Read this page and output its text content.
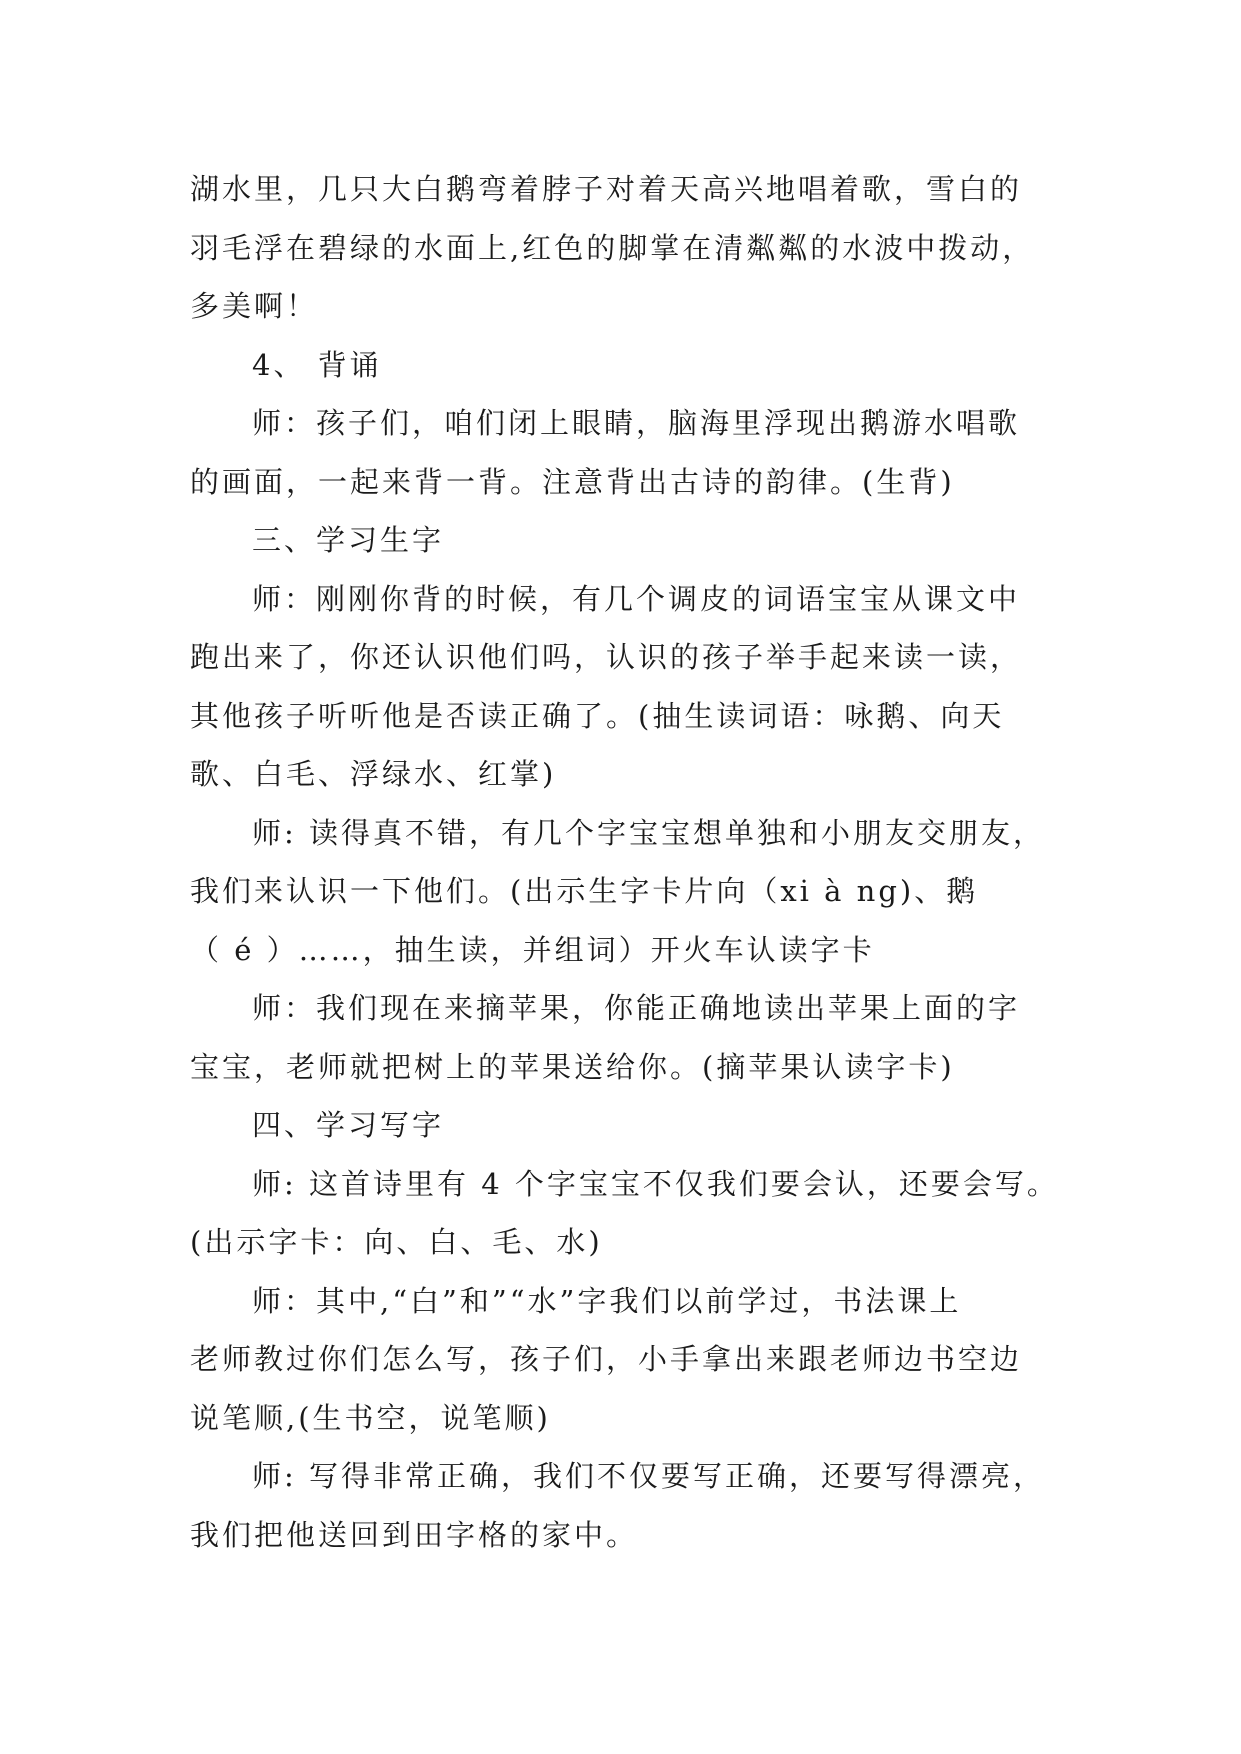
湖水里，几只大白鹅弯着脖子对着天高兴地唱着歌，雪白的
羽毛浮在碧绿的水面上,红色的脚掌在清粼粼的水波中拨动，
多美啊！
4、 背诵
师：孩子们，咱们闭上眼睛，脑海里浮现出鹅游水唱歌
的画面，一起来背一背。注意背出古诗的韵律。(生背)
三、学习生字
师：刚刚你背的时候，有几个调皮的词语宝宝从课文中
跑出来了，你还认识他们吗，认识的孩子举手起来读一读，
其他孩子听听他是否读正确了。(抽生读词语：咏鹅、向天
歌、白毛、浮绿水、红掌)
师: 读得真不错，有几个字宝宝想单独和小朋友交朋友，
我们来认识一下他们。(出示生字卡片向（xi à ng)、鹅
（ é ）……，抽生读，并组词）开火车认读字卡
师：我们现在来摘苹果，你能正确地读出苹果上面的字
宝宝，老师就把树上的苹果送给你。(摘苹果认读字卡)
四、学习写字
师: 这首诗里有 4 个字宝宝不仅我们要会认，还要会写。
(出示字卡：向、白、毛、水)
师：其中,“白”和”“水”字我们以前学过，书法课上
老师教过你们怎么写，孩子们，小手拿出来跟老师边书空边
说笔顺,(生书空，说笔顺)
师: 写得非常正确，我们不仅要写正确，还要写得漂亮，
我们把他送回到田字格的家中。
